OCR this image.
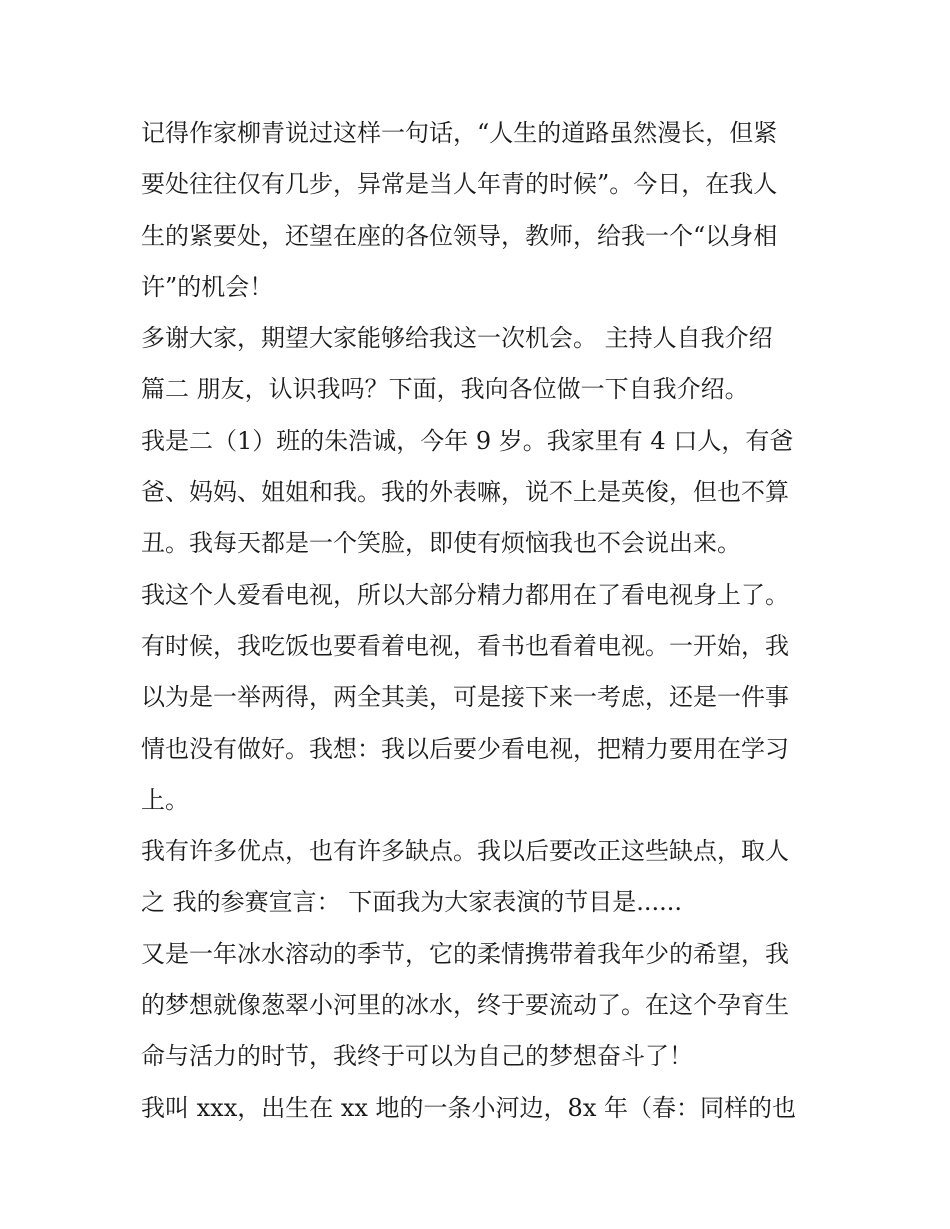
记得作家柳青说过这样一句话，“人生的道路虽然漫长，但紧
要处往往仅有几步，异常是当人年青的时候”。今日，在我人
生的紧要处，还望在座的各位领导，教师，给我一个“以身相
许”的机会！
多谢大家，期望大家能够给我这一次机会。 主持人自我介绍
篇二 朋友，认识我吗？下面，我向各位做一下自我介绍。
我是二（1）班的朱浩诚，今年 9 岁。我家里有 4 口人，有爸
爸、妈妈、姐姐和我。我的外表嘛，说不上是英俊，但也不算
丑。我每天都是一个笑脸，即使有烦恼我也不会说出来。
我这个人爱看电视，所以大部分精力都用在了看电视身上了。
有时候，我吃饭也要看着电视，看书也看着电视。一开始，我
以为是一举两得，两全其美，可是接下来一考虑，还是一件事
情也没有做好。我想：我以后要少看电视，把精力要用在学习
上。
我有许多优点，也有许多缺点。我以后要改正这些缺点，取人
之 我的参赛宣言： 下面我为大家表演的节目是......
又是一年冰水溶动的季节，它的柔情携带着我年少的希望，我
的梦想就像葱翠小河里的冰水，终于要流动了。在这个孕育生
命与活力的时节，我终于可以为自己的梦想奋斗了！
我叫 xxx，出生在 xx 地的一条小河边，8x 年（春：同样的也
